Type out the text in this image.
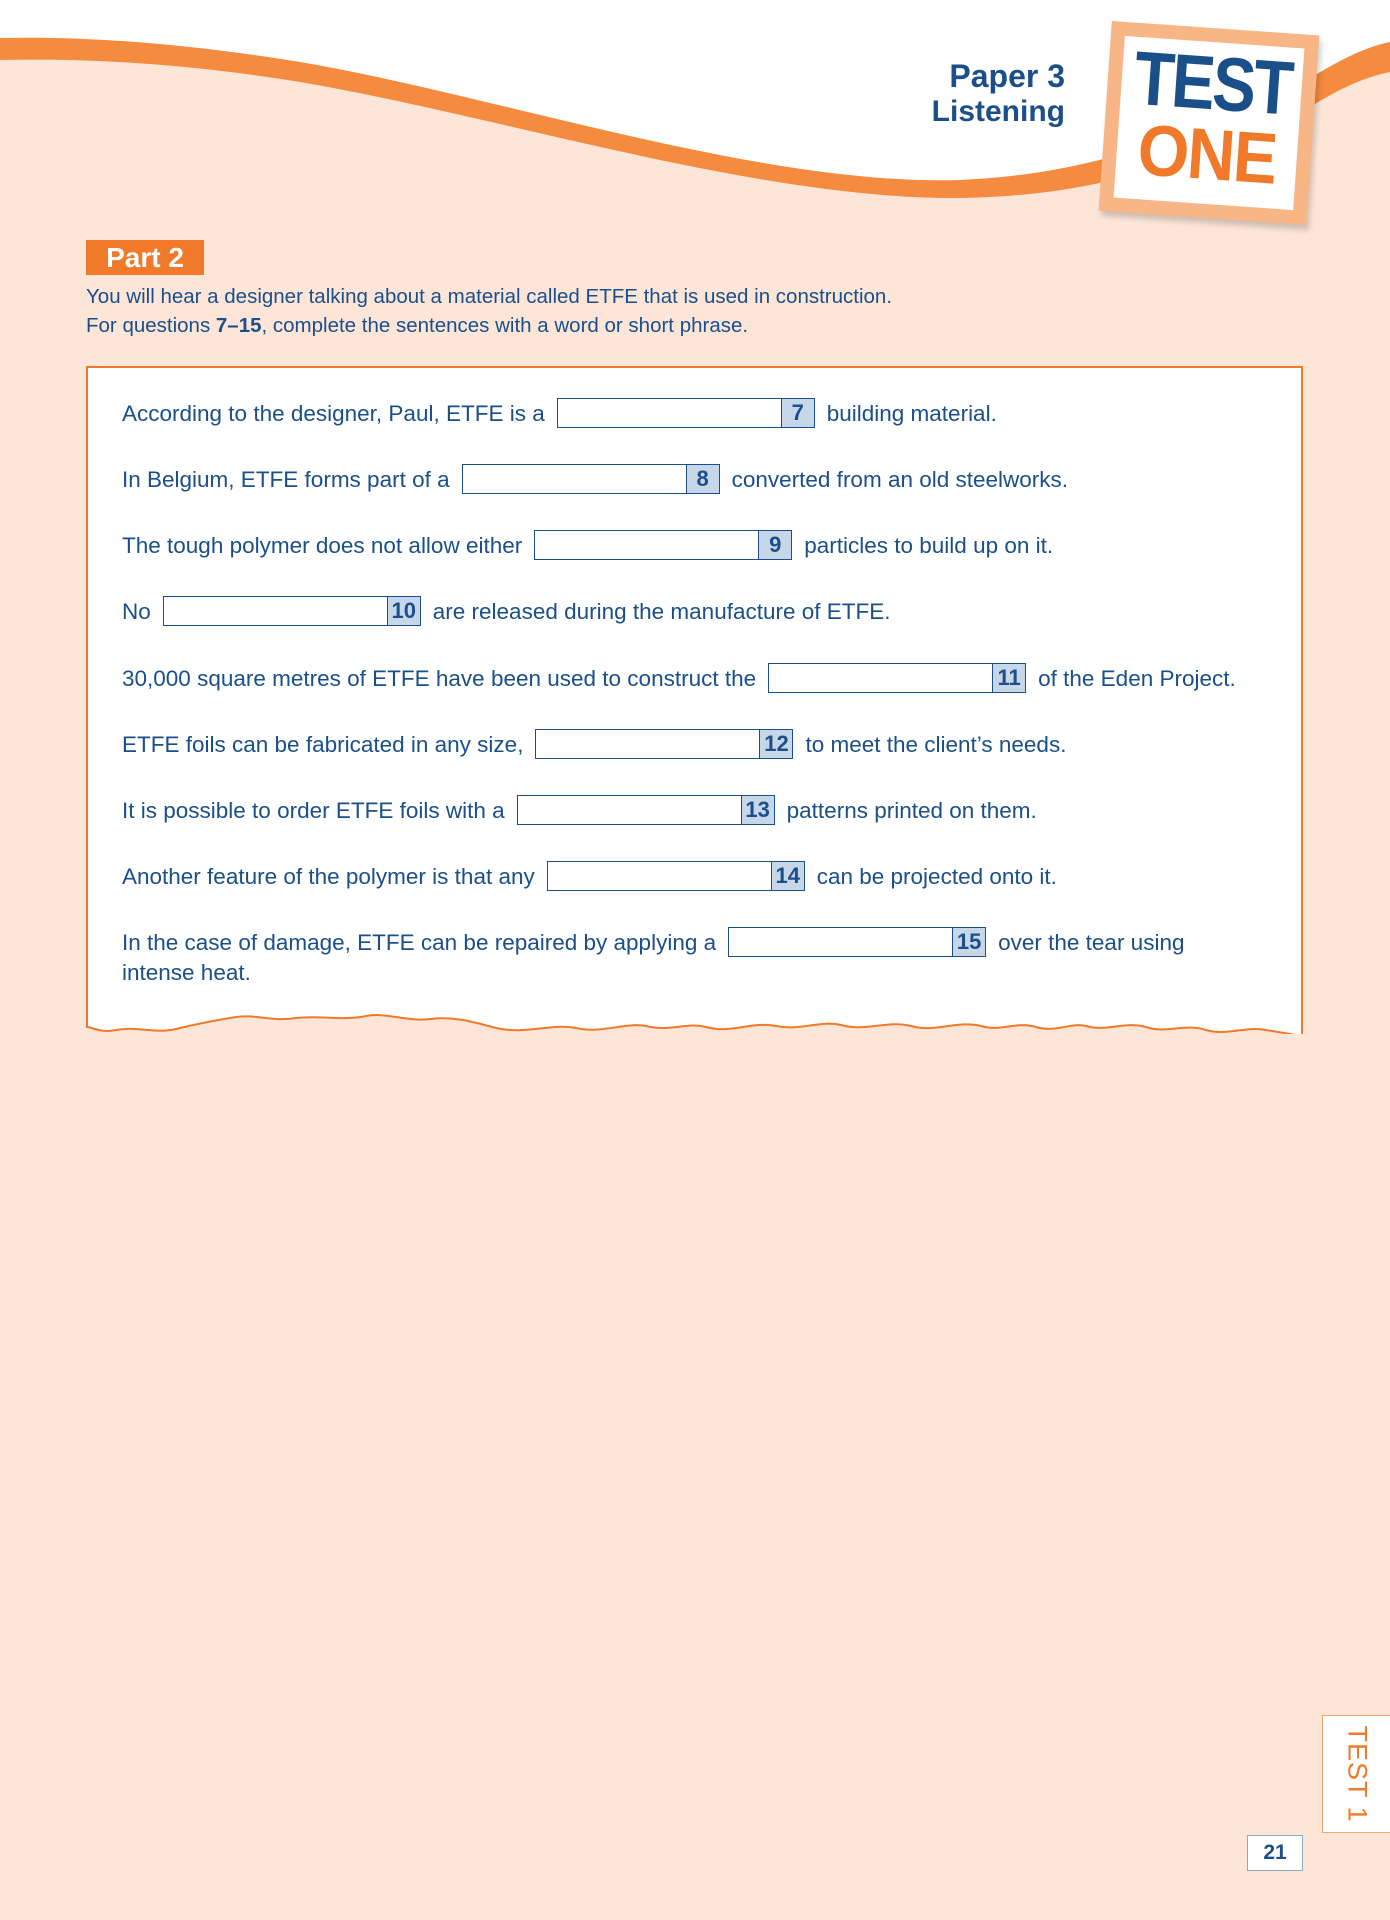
Paper 3
Listening TEST
ONE
Part 2
You will hear a designer talking about a material called ETFE that is used in construction.
For questions 7–15, complete the sentences with a word or short phrase.
According to the designer, Paul, ETFE is a	7	building material.
In Belgium, ETFE forms part of a	8	converted from an old steelworks.
The tough polymer does not allow either	9	particles to build up on it.
No	10 are released during the manufacture of ETFE.
30,000 square metres of ETFE have been used to construct the	11 of the Eden Project.
ETFE foils can be fabricated in any size,	12 to meet the client’s needs.
It is possible to order ETFE foils with a	13 patterns printed on them.
Another feature of the polymer is that any	14 can be projected onto it.
In the case of damage, ETFE can be repaired by applying a	15 over the tear using
intense heat.
TEST 1
21
